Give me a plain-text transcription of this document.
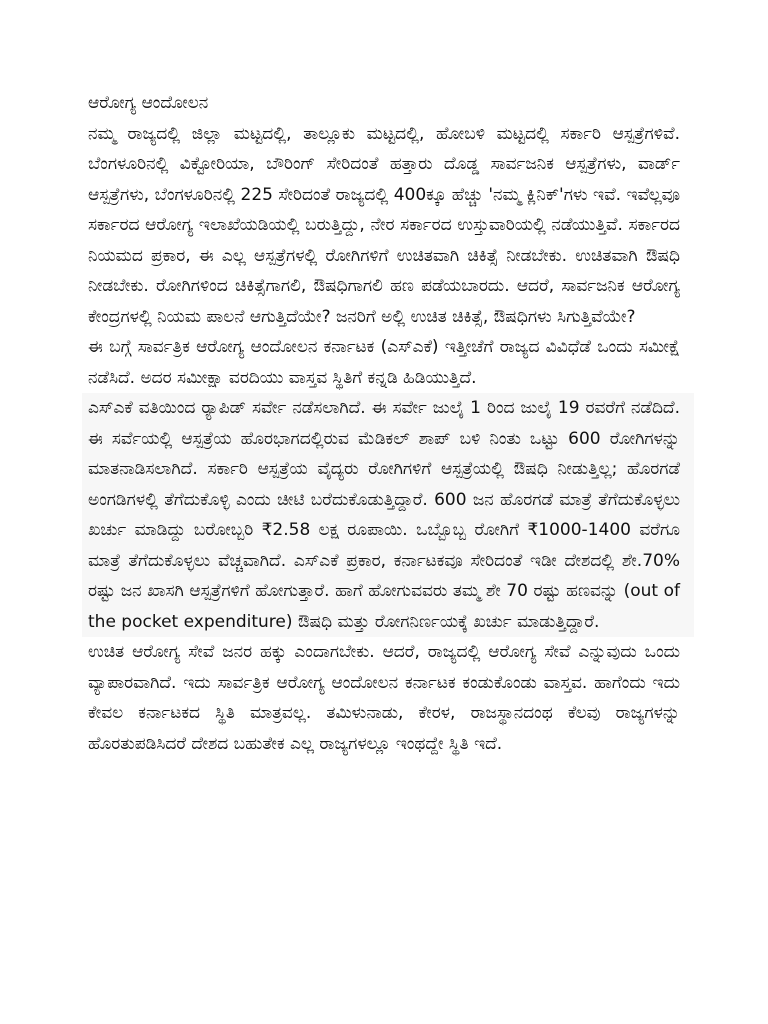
ಆರೋಗ್ಯ ಆಂದೋಲನ

ನಮ್ಮ ರಾಜ್ಯದಲ್ಲಿ ಜಿಲ್ಲಾ ಮಟ್ಟದಲ್ಲಿ, ತಾಲ್ಲೂಕು ಮಟ್ಟದಲ್ಲಿ, ಹೋಬಳಿ ಮಟ್ಟದಲ್ಲಿ ಸರ್ಕಾರಿ ಆಸ್ಪತ್ರೆಗಳಿವೆ. ಬೆಂಗಳೂರಿನಲ್ಲಿ ವಿಕ್ಟೋರಿಯಾ, ಬೌರಿಂಗ್ ಸೇರಿದಂತೆ ಹತ್ತಾರು ದೊಡ್ಡ ಸಾರ್ವಜನಿಕ ಆಸ್ಪತ್ರೆಗಳು, ವಾರ್ಡ್ ಆಸ್ಪತ್ರೆಗಳು, ಬೆಂಗಳೂರಿನಲ್ಲಿ 225 ಸೇರಿದಂತೆ ರಾಜ್ಯದಲ್ಲಿ 400ಕ್ಕೂ ಹೆಚ್ಚು 'ನಮ್ಮ ಕ್ಲಿನಿಕ್'ಗಳು ಇವೆ. ಇವೆಲ್ಲವೂ ಸರ್ಕಾರದ ಆರೋಗ್ಯ ಇಲಾಖೆಯಡಿಯಲ್ಲಿ ಬರುತ್ತಿದ್ದು, ನೇರ ಸರ್ಕಾರದ ಉಸ್ತುವಾರಿಯಲ್ಲಿ ನಡೆಯುತ್ತಿವೆ. ಸರ್ಕಾರದ ನಿಯಮದ ಪ್ರಕಾರ, ಈ ಎಲ್ಲ ಆಸ್ಪತ್ರೆಗಳಲ್ಲಿ ರೋಗಿಗಳಿಗೆ ಉಚಿತವಾಗಿ ಚಿಕಿತ್ಸೆ ನೀಡಬೇಕು. ಉಚಿತವಾಗಿ ಔಷಧಿ ನೀಡಬೇಕು. ರೋಗಿಗಳಿಂದ ಚಿಕಿತ್ಸೆಗಾಗಲಿ, ಔಷಧಿಗಾಗಲಿ ಹಣ ಪಡೆಯಬಾರದು. ಆದರೆ, ಸಾರ್ವಜನಿಕ ಆರೋಗ್ಯ ಕೇಂದ್ರಗಳಲ್ಲಿ ನಿಯಮ ಪಾಲನೆ ಆಗುತ್ತಿದೆಯೇ? ಜನರಿಗೆ ಅಲ್ಲಿ ಉಚಿತ ಚಿಕಿತ್ಸೆ, ಔಷಧಿಗಳು ಸಿಗುತ್ತಿವೆಯೇ?

ಈ ಬಗ್ಗೆ ಸಾರ್ವತ್ರಿಕ ಆರೋಗ್ಯ ಆಂದೋಲನ ಕರ್ನಾಟಕ (ಎಸ್‌ಎಕೆ) ಇತ್ತೀಚೆಗೆ ರಾಜ್ಯದ ವಿವಿಧೆಡೆ ಒಂದು ಸಮೀಕ್ಷೆ ನಡೆಸಿದೆ. ಅದರ ಸಮೀಕ್ಷಾ ವರದಿಯು ವಾಸ್ತವ ಸ್ಥಿತಿಗೆ ಕನ್ನಡಿ ಹಿಡಿಯುತ್ತಿದೆ.

ಎಸ್‌ಎಕೆ ವತಿಯಿಂದ ರ್‍ಯಾಪಿಡ್ ಸರ್ವೇ ನಡೆಸಲಾಗಿದೆ. ಈ ಸರ್ವೇ ಜುಲೈ 1 ರಿಂದ ಜುಲೈ 19 ರವರೆಗೆ ನಡೆದಿದೆ. ಈ ಸರ್ವೆಯಲ್ಲಿ ಆಸ್ಪತ್ರೆಯ ಹೊರಭಾಗದಲ್ಲಿರುವ ಮೆಡಿಕಲ್ ಶಾಪ್ ಬಳಿ ನಿಂತು ಒಟ್ಟು 600 ರೋಗಿಗಳನ್ನು ಮಾತನಾಡಿಸಲಾಗಿದೆ. ಸರ್ಕಾರಿ ಆಸ್ಪತ್ರೆಯ ವೈದ್ಯರು ರೋಗಿಗಳಿಗೆ ಆಸ್ಪತ್ರೆಯಲ್ಲಿ ಔಷಧಿ ನೀಡುತ್ತಿಲ್ಲ; ಹೊರಗಡೆ ಅಂಗಡಿಗಳಲ್ಲಿ ತೆಗೆದುಕೊಳ್ಳಿ ಎಂದು ಚೀಟಿ ಬರೆದುಕೊಡುತ್ತಿದ್ದಾರೆ. 600 ಜನ ಹೊರಗಡೆ ಮಾತ್ರೆ ತೆಗೆದುಕೊಳ್ಳಲು ಖರ್ಚು ಮಾಡಿದ್ದು ಬರೋಬ್ಬರಿ ₹2.58 ಲಕ್ಷ ರೂಪಾಯಿ. ಒಬ್ಬೊಬ್ಬ ರೋಗಿಗೆ ₹1000-1400 ವರೆಗೂ ಮಾತ್ರೆ ತೆಗೆದುಕೊಳ್ಳಲು ವೆಚ್ಚವಾಗಿದೆ. ಎಸ್‌ಎಕೆ ಪ್ರಕಾರ, ಕರ್ನಾಟಕವೂ ಸೇರಿದಂತೆ ಇಡೀ ದೇಶದಲ್ಲಿ ಶೇ.70% ರಷ್ಟು ಜನ ಖಾಸಗಿ ಆಸ್ಪತ್ರೆಗಳಿಗೆ ಹೋಗುತ್ತಾರೆ. ಹಾಗೆ ಹೋಗುವವರು ತಮ್ಮ ಶೇ 70 ರಷ್ಟು ಹಣವನ್ನು (out of the pocket expenditure) ಔಷಧಿ ಮತ್ತು ರೋಗನಿರ್ಣಯಕ್ಕೆ ಖರ್ಚು ಮಾಡುತ್ತಿದ್ದಾರೆ.

ಉಚಿತ ಆರೋಗ್ಯ ಸೇವೆ ಜನರ ಹಕ್ಕು ಎಂದಾಗಬೇಕು. ಆದರೆ, ರಾಜ್ಯದಲ್ಲಿ ಆರೋಗ್ಯ ಸೇವೆ ಎನ್ನುವುದು ಒಂದು ವ್ಯಾಪಾರವಾಗಿದೆ. ಇದು ಸಾರ್ವತ್ರಿಕ ಆರೋಗ್ಯ ಆಂದೋಲನ ಕರ್ನಾಟಕ ಕಂಡುಕೊಂಡು ವಾಸ್ತವ. ಹಾಗೆಂದು ಇದು ಕೇವಲ ಕರ್ನಾಟಕದ ಸ್ಥಿತಿ ಮಾತ್ರವಲ್ಲ. ತಮಿಳುನಾಡು, ಕೇರಳ, ರಾಜಸ್ಥಾನದಂಥ ಕೆಲವು ರಾಜ್ಯಗಳನ್ನು ಹೊರತುಪಡಿಸಿದರೆ ದೇಶದ ಬಹುತೇಕ ಎಲ್ಲ ರಾಜ್ಯಗಳಲ್ಲೂ ಇಂಥದ್ದೇ ಸ್ಥಿತಿ ಇದೆ.
